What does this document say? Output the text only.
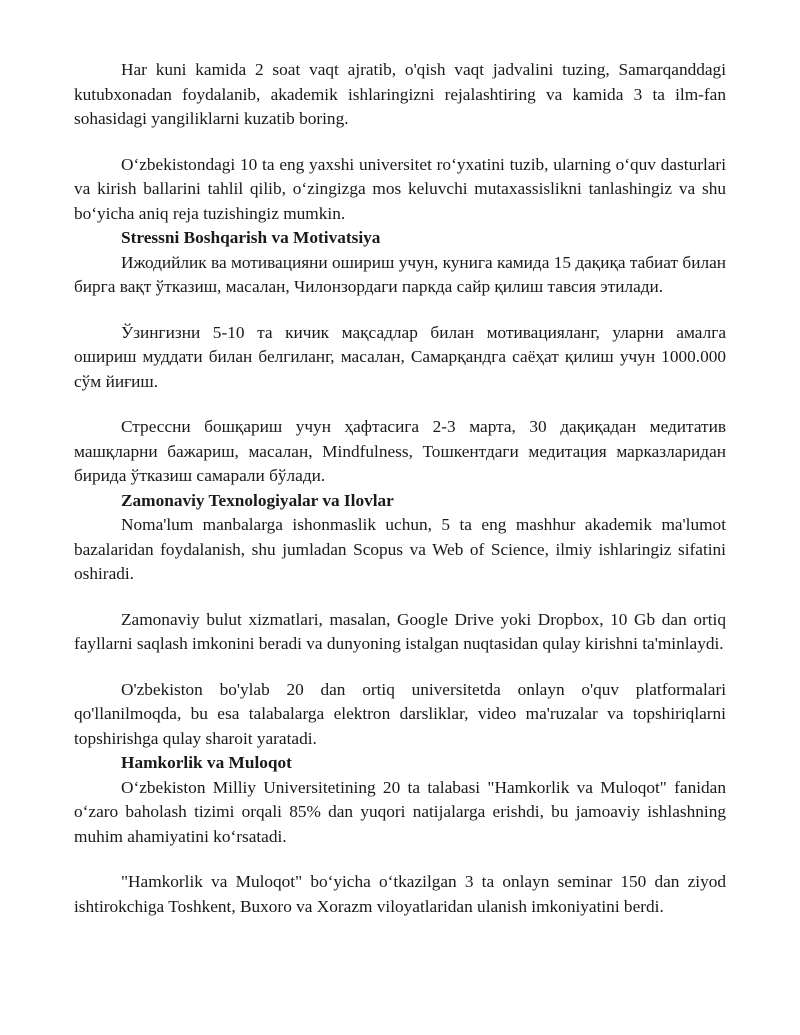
Har kuni kamida 2 soat vaqt ajratib, o'qish vaqt jadvalini tuzing, Samarqanddagi kutubxonadan foydalanib, akademik ishlaringizni rejalashtiring va kamida 3 ta ilm-fan sohasidagi yangiliklarni kuzatib boring.

O‘zbekistondagi 10 ta eng yaxshi universitet ro‘yxatini tuzib, ularning o‘quv dasturlari va kirish ballarini tahlil qilib, o‘zingizga mos keluvchi mutaxassislikni tanlashingiz va shu bo‘yicha aniq reja tuzishingiz mumkin.

Stressni Boshqarish va Motivatsiya

Ижодийлик ва мотивацияни ошириш учун, кунига камида 15 дақиқа табиат билан бирга вақт ўтказиш, масалан, Чилонзордаги паркда сайр қилиш тавсия этилади.

Ўзингизни 5-10 та кичик мақсадлар билан мотивацияланг, уларни амалга ошириш муддати билан белгиланг, масалан, Самарқандга саёҳат қилиш учун 1000.000 сўм йиғиш.

Стрессни бошқариш учун ҳафтасига 2-3 марта, 30 дақиқадан медитатив машқларни бажариш, масалан, Mindfulness, Тошкентдаги медитация марказларидан бирида ўтказиш самарали бўлади.

Zamonaviy Texnologiyalar va Ilovlar

Noma'lum manbalarga ishonmaslik uchun, 5 ta eng mashhur akademik ma'lumot bazalaridan foydalanish, shu jumladan Scopus va Web of Science, ilmiy ishlaringiz sifatini oshiradi.

Zamonaviy bulut xizmatlari, masalan, Google Drive yoki Dropbox, 10 Gb dan ortiq fayllarni saqlash imkonini beradi va dunyoning istalgan nuqtasidan qulay kirishni ta'minlaydi.

O'zbekiston bo'ylab 20 dan ortiq universitetda onlayn o'quv platformalari qo'llanilmoqda, bu esa talabalarga elektron darsliklar, video ma'ruzalar va topshiriqlarni topshirishga qulay sharoit yaratadi.

Hamkorlik va Muloqot

O‘zbekiston Milliy Universitetining 20 ta talabasi "Hamkorlik va Muloqot" fanidan o‘zaro baholash tizimi orqali 85% dan yuqori natijalarga erishdi, bu jamoaviy ishlashning muhim ahamiyatini ko‘rsatadi.

"Hamkorlik va Muloqot" bo‘yicha o‘tkazilgan 3 ta onlayn seminar 150 dan ziyod ishtirokchiga Toshkent, Buxoro va Xorazm viloyatlaridan ulanish imkoniyatini berdi.
